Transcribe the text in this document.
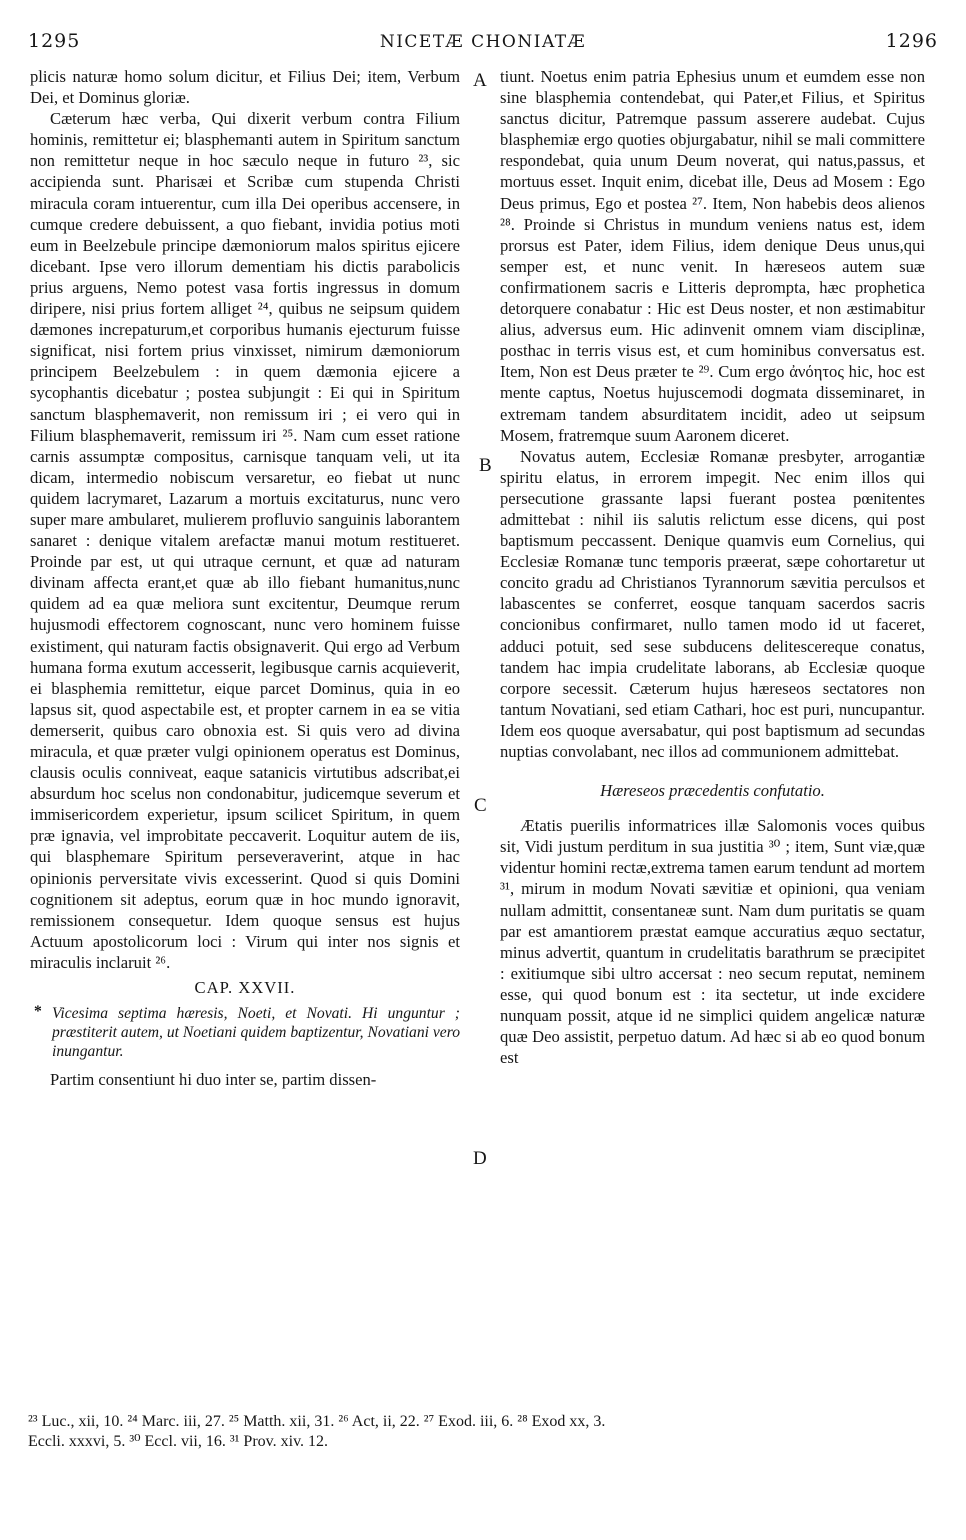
1295	NICETÆ CHONIATÆ	1296
A
B
C
D

plicis naturæ homo solum dicitur, et Filius Dei; item, Verbum Dei, et Dominus gloriæ.

Cæterum hæc verba, Qui dixerit verbum contra Filium hominis, remittetur ei; blasphemanti autem in Spiritum sanctum non remittetur neque in hoc sæculo neque in futuro ²³, sic accipienda sunt. Pharisæi et Scribæ cum stupenda Christi miracula coram intuerentur, cum illa Dei operibus accensere, in cumque credere debuissent, a quo fiebant, invidia potius moti eum in Beelzebule principe dæmoniorum malos spiritus ejicere dicebant. Ipse vero illorum dementiam his dictis parabolicis prius arguens, Nemo potest vasa fortis ingressus in domum diripere, nisi prius fortem alliget ²⁴, quibus ne seipsum quidem dæmones increpaturum,et corporibus humanis ejecturum fuisse significat, nisi fortem prius vinxisset, nimirum dæmoniorum principem Beelzebulem : in quem dæmonia ejicere a sycophantis dicebatur ; postea subjungit : Ei qui in Spiritum sanctum blasphemaverit, non remissum iri ; ei vero qui in Filium blasphemaverit, remissum iri ²⁵. Nam cum esset ratione carnis assumptæ compositus, carnisque tanquam veli, ut ita dicam, intermedio nobiscum versaretur, eo fiebat ut nunc quidem lacrymaret, Lazarum a mortuis excitaturus, nunc vero super mare ambularet, mulierem profluvio sanguinis laborantem sanaret : denique vitalem arefactæ manui motum restitueret. Proinde par est, ut qui utraque cernunt, et quæ ad naturam divinam affecta erant,et quæ ab illo fiebant humanitus,nunc quidem ad ea quæ meliora sunt excitentur, Deumque rerum hujusmodi effectorem cognoscant, nunc vero hominem fuisse existiment, qui naturam factis obsignaverit. Qui ergo ad Verbum humana forma exutum accesserit, legibusque carnis acquieverit, ei blasphemia remittetur, eique parcet Dominus, quia in eo lapsus sit, quod aspectabile est, et propter carnem in ea se vitia demerserit, quibus caro obnoxia est. Si quis vero ad divina miracula, et quæ præter vulgi opinionem operatus est Dominus, clausis oculis conniveat, eaque satanicis virtutibus adscribat,ei absurdum hoc scelus non condonabitur, judicemque severum et immisericordem experietur, ipsum scilicet Spiritum, in quem præ ignavia, vel improbitate peccaverit. Loquitur autem de iis, qui blasphemare Spiritum perseveraverint, atque in hac opinionis perversitate vivis excesserint. Quod si quis Domini cognitionem sit adeptus, eorum quæ in hoc mundo ignoravit, remissionem consequetur. Idem quoque sensus est hujus Actuum apostolicorum loci : Virum qui inter nos signis et miraculis inclaruit ²⁶.

CAP. XXVII.
* Vicesima septima hæresis, Noeti, et Novati. Hi unguntur ; præstiterit autem, ut Noetiani quidem baptizentur, Novatiani vero inungantur.

Partim consentiunt hi duo inter se, partim dissen-

tiunt. Noetus enim patria Ephesius unum et eumdem esse non sine blasphemia contendebat, qui Pater,et Filius, et Spiritus sanctus dicitur, Patremque passum asserere audebat. Cujus blasphemiæ ergo quoties objurgabatur, nihil se mali committere respondebat, quia unum Deum noverat, qui natus,passus, et mortuus esset. Inquit enim, dicebat ille, Deus ad Mosem : Ego Deus primus, Ego et postea ²⁷. Item, Non habebis deos alienos ²⁸. Proinde si Christus in mundum veniens natus est, idem prorsus est Pater, idem Filius, idem denique Deus unus,qui semper est, et nunc venit. In hæreseos autem suæ confirmationem sacris e Litteris deprompta, hæc prophetica detorquere conabatur : Hic est Deus noster, et non æstimabitur alius, adversus eum. Hic adinvenit omnem viam disciplinæ, posthac in terris visus est, et cum hominibus conversatus est. Item, Non est Deus præter te ²⁹. Cum ergo ἀνόητος hic, hoc est mente captus, Noetus hujuscemodi dogmata disseminaret, in extremam tandem absurditatem incidit, adeo ut seipsum Mosem, fratremque suum Aaronem diceret.

Novatus autem, Ecclesiæ Romanæ presbyter, arrogantiæ spiritu elatus, in errorem impegit. Nec enim illos qui persecutione grassante lapsi fuerant postea pœnitentes admittebat : nihil iis salutis relictum esse dicens, qui post baptismum peccassent. Denique quamvis eum Cornelius, qui Ecclesiæ Romanæ tunc temporis præerat, sæpe cohortaretur ut concito gradu ad Christianos Tyrannorum sævitia perculsos et labascentes se conferret, eosque tanquam sacerdos sacris concionibus confirmaret, nullo tamen modo id ut faceret, adduci potuit, sed sese subducens delitescereque conatus, tandem hac impia crudelitate laborans, ab Ecclesiæ quoque corpore secessit. Cæterum hujus hæreseos sectatores non tantum Novatiani, sed etiam Cathari, hoc est puri, nuncupantur. Idem eos quoque aversabatur, qui post baptismum ad secundas nuptias convolabant, nec illos ad communionem admittebat.

Hæreseos præcedentis confutatio.

Ætatis puerilis informatrices illæ Salomonis voces quibus sit, Vidi justum perditum in sua justitia ³⁰ ; item, Sunt viæ,quæ videntur homini rectæ,extrema tamen earum tendunt ad mortem ³¹, mirum in modum Novati sævitiæ et opinioni, qua veniam nullam admittit, consentaneæ sunt. Nam dum puritatis se quam par est amantiorem præstat eamque accuratius æquo sectatur, minus advertit, quantum in crudelitatis barathrum se præcipitet : exitiumque sibi ultro accersat : neo secum reputat, neminem esse, qui quod bonum est : ita sectetur, ut inde excidere nunquam possit, atque id ne simplici quidem angelicæ naturæ quæ Deo assistit, perpetuo datum. Ad hæc si ab eo quod bonum est

²³ Luc., xii, 10. ²⁴ Marc. iii, 27. ²⁵ Matth. xii, 31. ²⁶ Act, ii, 22. ²⁷ Exod. iii, 6. ²⁸ Exod xx, 3.
Eccli. xxxvi, 5. ³⁰ Eccl. vii, 16. ³¹ Prov. xiv. 12.
